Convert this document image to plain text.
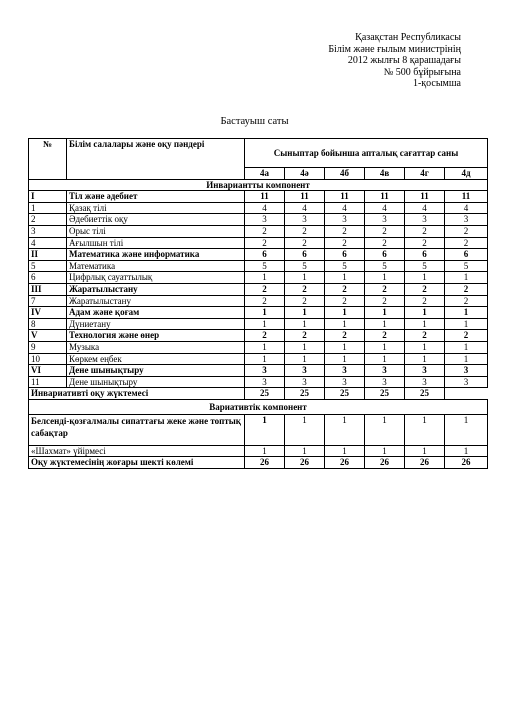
Қазақстан Республикасы
Білім және ғылым министрінің
2012 жылғы 8 қарашадағы
№ 500 бұйрығына
1-қосымша
Бастауыш саты
№	Білім салалары және оқу пәндері	Сыныптар бойынша апталық сағаттар саны					
		4а	4ә	4б	4в	4г	4д
Инвариантты компонент							
I	Тіл және әдебиет	11	11	11	11	11	11
1	Қазақ тілі	4	4	4	4	4	4
2	Әдебиеттік оқу	3	3	3	3	3	3
3	Орыс тілі	2	2	2	2	2	2
4	Ағылшын тілі	2	2	2	2	2	2
II	Математика және информатика	6	6	6	6	6	6
5	Математика	5	5	5	5	5	5
6	Цифрлық сауаттылық	1	1	1	1	1	1
III	Жаратылыстану	2	2	2	2	2	2
7	Жаратылыстану	2	2	2	2	2	2
IV	Адам және қоғам	1	1	1	1	1	1
8	Дүниетану	1	1	1	1	1	1
V	Технология және өнер	2	2	2	2	2	2
9	Музыка	1	1	1	1	1	1
10	Көркем еңбек	1	1	1	1	1	1
VI	Дене шынықтыру	3	3	3	3	3	3
11	Дене шынықтыру	3	3	3	3	3	3
Инвариативті оқу жүктемесі		25	25	25	25	25	
Вариативтік компонент							
Белсенді-қозғалмалы сипаттағы жеке және топтық сабақтар		1	1	1	1	1	1
«Шахмат» үйірмесі		1	1	1	1	1	1
Оқу жүктемесінің жоғары шекті көлемі		26	26	26	26	26	26
